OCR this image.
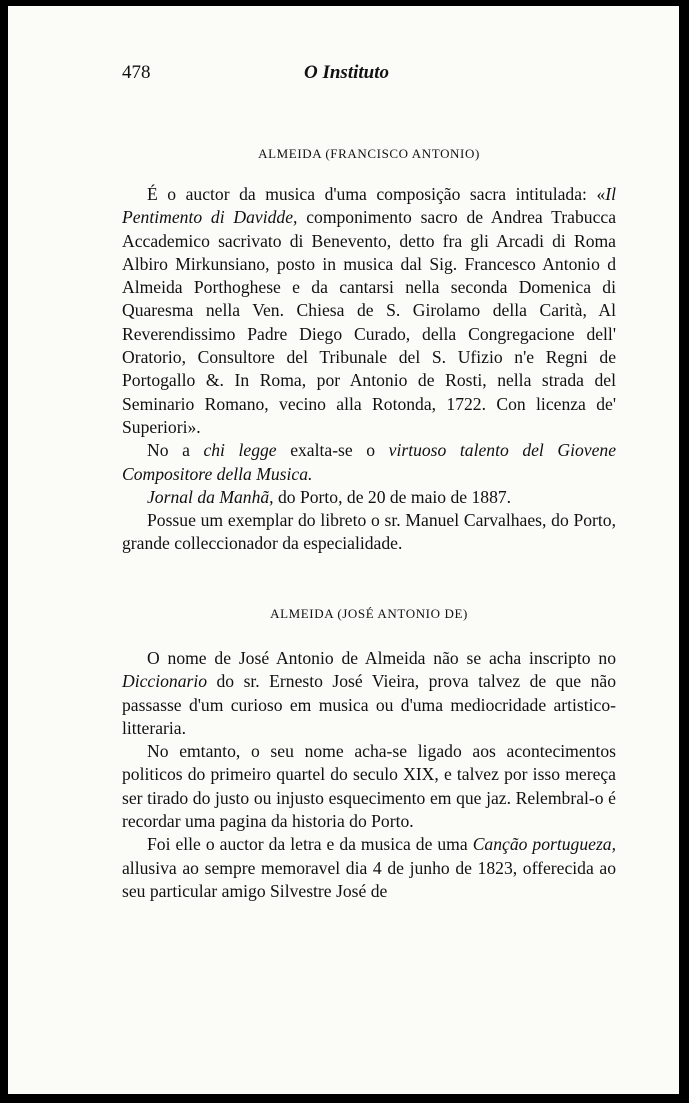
478	O Instituto
ALMEIDA (FRANCISCO ANTONIO)

É o auctor da musica d'uma composição sacra intitulada: «Il Pentimento di Davidde, componimento sacro de Andrea Trabucca Accademico sacrivato di Benevento, detto fra gli Arcadi di Roma Albiro Mirkunsiano, posto in musica dal Sig. Francesco Antonio d Almeida Porthoghese e da cantarsi nella seconda Domenica di Quaresma nella Ven. Chiesa de S. Girolamo della Carità, Al Reverendissimo Padre Diego Curado, della Congregacione dell' Oratorio, Consultore del Tribunale del S. Ufizio n'e Regni de Portogallo &. In Roma, por Antonio de Rosti, nella strada del Seminario Romano, vecino alla Rotonda, 1722. Con licenza de' Superiori».

No a chi legge exalta-se o virtuoso talento del Giovene Compositore della Musica.

Jornal da Manhã, do Porto, de 20 de maio de 1887.

Possue um exemplar do libreto o sr. Manuel Carvalhaes, do Porto, grande colleccionador da especialidade.

ALMEIDA (JOSÉ ANTONIO DE)

O nome de José Antonio de Almeida não se acha inscripto no Diccionario do sr. Ernesto José Vieira, prova talvez de que não passasse d'um curioso em musica ou d'uma mediocridade artistico-litteraria.

No emtanto, o seu nome acha-se ligado aos acontecimentos politicos do primeiro quartel do seculo XIX, e talvez por isso mereça ser tirado do justo ou injusto esquecimento em que jaz. Relembral-o é recordar uma pagina da historia do Porto.

Foi elle o auctor da letra e da musica de uma Canção portugueza, allusiva ao sempre memoravel dia 4 de junho de 1823, offerecida ao seu particular amigo Silvestre José de
